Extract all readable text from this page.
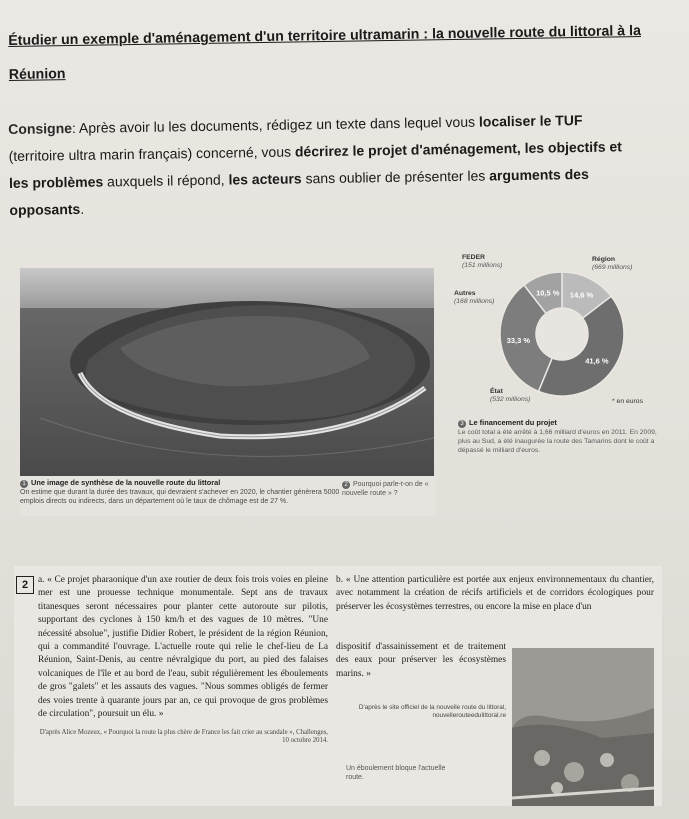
Étudier un exemple d'aménagement d'un territoire ultramarin : la nouvelle route du littoral à la Réunion
Consigne: Après avoir lu les documents, rédigez un texte dans lequel vous localiser le TUF (territoire ultra marin français) concerné, vous décrirez le projet d'aménagement, les objectifs et les problèmes auxquels il répond, les acteurs sans oublier de présenter les arguments des opposants.
1 Une image de synthèse de la nouvelle route du littoral
On estime que durant la durée des travaux, qui devraient s'achever en 2020, le chantier génèrera 5000 emplois directs ou indirects, dans un département où le taux de chômage est de 27 %.
2 Pourquoi parle-t-on de « nouvelle route » ?
14,6 %
41,6 %
33,3 %
10,5 %
FEDER
(151 millions)
Région
(669 millions)
Autres
(168 millions)
État
(532 millions)	* en euros
3 Le financement du projet
Le coût total a été arrêté à 1,66 milliard d'euros en 2011. En 2009, plus au Sud, a été inaugurée la route des Tamarins dont le coût a dépassé le milliard d'euros.
2	a. « Ce projet pharaonique d'un axe routier de deux fois trois voies en pleine mer est une prouesse technique monumentale. Sept ans de travaux titanesques seront nécessaires pour planter cette autoroute sur pilotis, supportant des cyclones à 150 km/h et des vagues de 10 mètres. "Une nécessité absolue", justifie Didier Robert, le président de la région Réunion, qui a commandité l'ouvrage. L'actuelle route qui relie le chef-lieu de La Réunion, Saint-Denis, au centre névralgique du port, au pied des falaises volcaniques de l'île et au bord de l'eau, subit régulièrement les éboulements de gros "galets" et les assauts des vagues. "Nous sommes obligés de fermer des voies trente à quarante jours par an, ce qui provoque de gros problèmes de circulation", poursuit un élu. »
D'après Alice Mozeux, « Pourquoi la route la plus chère de France les fait crier au scandale », Challenges, 10 octobre 2014.
b. « Une attention particulière est portée aux enjeux environnementaux du chantier, avec notamment la création de récifs artificiels et de corridors écologiques pour préserver les écosystèmes terrestres, ou encore la mise en place d'un
dispositif d'assainissement et de traitement des eaux pour préserver les écosystèmes marins. »
D'après le site officiel de la nouvelle route du littoral, nouvellerouteedulittoral.re
Un éboulement bloque l'actuelle route.
